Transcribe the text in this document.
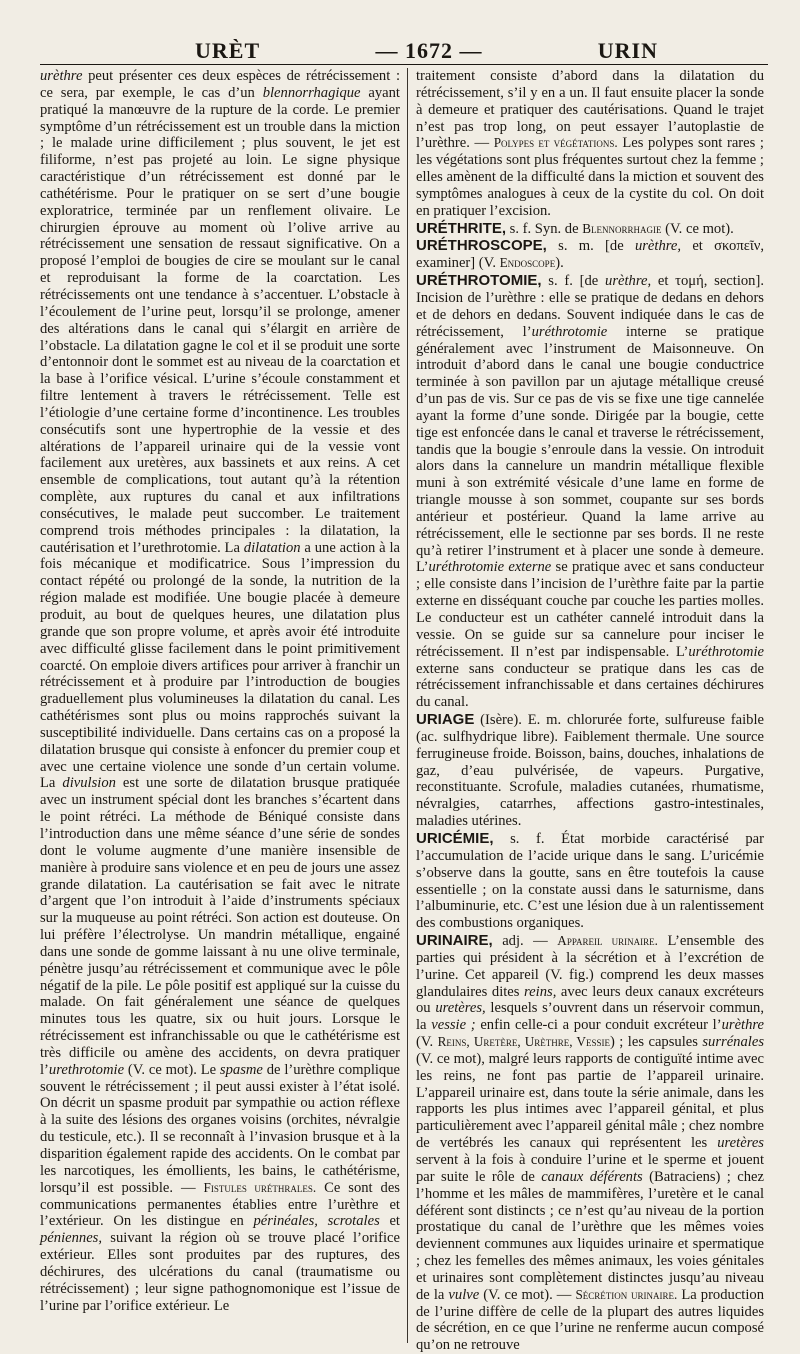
URÈT	— 1672 —	URIN

urèthre peut présenter ces deux espèces de rétrécissement : ce sera, par exemple, le cas d’un blennorrhagique ayant pratiqué la manœuvre de la rupture de la corde. Le premier symptôme d’un rétrécissement est un trouble dans la miction ; le malade urine difficilement ; plus souvent, le jet est filiforme, n’est pas projeté au loin. Le signe physique caractéristique d’un rétrécissement est donné par le cathétérisme. Pour le pratiquer on se sert d’une bougie exploratrice, terminée par un renflement olivaire. Le chirurgien éprouve au moment où l’olive arrive au rétrécissement une sensation de ressaut significative. On a proposé l’emploi de bougies de cire se moulant sur le canal et reproduisant la forme de la coarctation. Les rétrécissements ont une tendance à s’accentuer. L’obstacle à l’écoulement de l’urine peut, lorsqu’il se prolonge, amener des altérations dans le canal qui s’élargit en arrière de l’obstacle. La dilatation gagne le col et il se produit une sorte d’entonnoir dont le sommet est au niveau de la coarctation et la base à l’orifice vésical. L’urine s’écoule constamment et filtre lentement à travers le rétrécissement. Telle est l’étiologie d’une certaine forme d’incontinence. Les troubles consécutifs sont une hypertrophie de la vessie et des altérations de l’appareil urinaire qui de la vessie vont facilement aux uretères, aux bassinets et aux reins. A cet ensemble de complications, tout autant qu’à la rétention complète, aux ruptures du canal et aux infiltrations consécutives, le malade peut succomber. Le traitement comprend trois méthodes principales : la dilatation, la cautérisation et l’urethrotomie. La dilatation a une action à la fois mécanique et modificatrice. Sous l’impression du contact répété ou prolongé de la sonde, la nutrition de la région malade est modifiée. Une bougie placée à demeure produit, au bout de quelques heures, une dilatation plus grande que son propre volume, et après avoir été introduite avec difficulté glisse facilement dans le point primitivement coarcté. On emploie divers artifices pour arriver à franchir un rétrécissement et à produire par l’introduction de bougies graduellement plus volumineuses la dilatation du canal. Les cathétérismes sont plus ou moins rapprochés suivant la susceptibilité individuelle. Dans certains cas on a proposé la dilatation brusque qui consiste à enfoncer du premier coup et avec une certaine violence une sonde d’un certain volume. La divulsion est une sorte de dilatation brusque pratiquée avec un instrument spécial dont les branches s’écartent dans le point rétréci. La méthode de Béniqué consiste dans l’introduction dans une même séance d’une série de sondes dont le volume augmente d’une manière insensible de manière à produire sans violence et en peu de jours une assez grande dilatation. La cautérisation se fait avec le nitrate d’argent que l’on introduit à l’aide d’instruments spéciaux sur la muqueuse au point rétréci. Son action est douteuse. On lui préfère l’électrolyse. Un mandrin métallique, engainé dans une sonde de gomme laissant à nu une olive terminale, pénètre jusqu’au rétrécissement et communique avec le pôle négatif de la pile. Le pôle positif est appliqué sur la cuisse du malade. On fait généralement une séance de quelques minutes tous les quatre, six ou huit jours. Lorsque le rétrécissement est infranchissable ou que le cathétérisme est très difficile ou amène des accidents, on devra pratiquer l’urethrotomie (V. ce mot). Le spasme de l’urèthre complique souvent le rétrécissement ; il peut aussi exister à l’état isolé. On décrit un spasme produit par sympathie ou action réflexe à la suite des lésions des organes voisins (orchites, névralgie du testicule, etc.). Il se reconnaît à l’invasion brusque et à la disparition également rapide des accidents. On le combat par les narcotiques, les émollients, les bains, le cathétérisme, lorsqu’il est possible. — Fistules uréthrales. Ce sont des communications permanentes établies entre l’urèthre et l’extérieur. On les distingue en périnéales, scrotales et péniennes, suivant la région où se trouve placé l’orifice extérieur. Elles sont produites par des ruptures, des déchirures, des ulcérations du canal (traumatisme ou rétrécissement) ; leur signe pathognomonique est l’issue de l’urine par l’orifice extérieur. Le

traitement consiste d’abord dans la dilatation du rétrécissement, s’il y en a un. Il faut ensuite placer la sonde à demeure et pratiquer des cautérisations. Quand le trajet n’est pas trop long, on peut essayer l’autoplastie de l’urèthre. — Polypes et végétations. Les polypes sont rares ; les végétations sont plus fréquentes surtout chez la femme ; elles amènent de la difficulté dans la miction et souvent des symptômes analogues à ceux de la cystite du col. On doit en pratiquer l’excision.

URÉTHRITE, s. f. Syn. de Blennorrhagie (V. ce mot).

URÉTHROSCOPE, s. m. [de urèthre, et σκοπεῖν, examiner] (V. Endoscope).

URÉTHROTOMIE, s. f. [de urèthre, et τομή, section]. Incision de l’urèthre : elle se pratique de dedans en dehors et de dehors en dedans. Souvent indiquée dans le cas de rétrécissement, l’uréthrotomie interne se pratique généralement avec l’instrument de Maisonneuve. On introduit d’abord dans le canal une bougie conductrice terminée à son pavillon par un ajutage métallique creusé d’un pas de vis. Sur ce pas de vis se fixe une tige cannelée ayant la forme d’une sonde. Dirigée par la bougie, cette tige est enfoncée dans le canal et traverse le rétrécissement, tandis que la bougie s’enroule dans la vessie. On introduit alors dans la cannelure un mandrin métallique flexible muni à son extrémité vésicale d’une lame en forme de triangle mousse à son sommet, coupante sur ses bords antérieur et postérieur. Quand la lame arrive au rétrécissement, elle le sectionne par ses bords. Il ne reste qu’à retirer l’instrument et à placer une sonde à demeure. L’uréthrotomie externe se pratique avec et sans conducteur ; elle consiste dans l’incision de l’urèthre faite par la partie externe en disséquant couche par couche les parties molles. Le conducteur est un cathéter cannelé introduit dans la vessie. On se guide sur sa cannelure pour inciser le rétrécissement. Il n’est par indispensable. L’uréthrotomie externe sans conducteur se pratique dans les cas de rétrécissement infranchissable et dans certaines déchirures du canal.

URIAGE (Isère). E. m. chlorurée forte, sulfureuse faible (ac. sulfhydrique libre). Faiblement thermale. Une source ferrugineuse froide. Boisson, bains, douches, inhalations de gaz, d’eau pulvérisée, de vapeurs. Purgative, reconstituante. Scrofule, maladies cutanées, rhumatisme, névralgies, catarrhes, affections gastro-intestinales, maladies utérines.

URICÉMIE, s. f. État morbide caractérisé par l’accumulation de l’acide urique dans le sang. L’uricémie s’observe dans la goutte, sans en être toutefois la cause essentielle ; on la constate aussi dans le saturnisme, dans l’albuminurie, etc. C’est une lésion due à un ralentissement des combustions organiques.

URINAIRE, adj. — Appareil urinaire. L’ensemble des parties qui président à la sécrétion et à l’excrétion de l’urine. Cet appareil (V. fig.) comprend les deux masses glandulaires dites reins, avec leurs deux canaux excréteurs ou uretères, lesquels s’ouvrent dans un réservoir commun, la vessie ; enfin celle-ci a pour conduit excréteur l’urèthre (V. Reins, Uretère, Urèthre, Vessie) ; les capsules surrénales (V. ce mot), malgré leurs rapports de contiguïté intime avec les reins, ne font pas partie de l’appareil urinaire. L’appareil urinaire est, dans toute la série animale, dans les rapports les plus intimes avec l’appareil génital, et plus particulièrement avec l’appareil génital mâle ; chez nombre de vertébrés les canaux qui représentent les uretères servent à la fois à conduire l’urine et le sperme et jouent par suite le rôle de canaux déférents (Batraciens) ; chez l’homme et les mâles de mammifères, l’uretère et le canal déférent sont distincts ; ce n’est qu’au niveau de la portion prostatique du canal de l’urèthre que les mêmes voies deviennent communes aux liquides urinaire et spermatique ; chez les femelles des mêmes animaux, les voies génitales et urinaires sont complètement distinctes jusqu’au niveau de la vulve (V. ce mot). — Sécrétion urinaire. La production de l’urine diffère de celle de la plupart des autres liquides de sécrétion, en ce que l’urine ne renferme aucun composé qu’on ne retrouve
